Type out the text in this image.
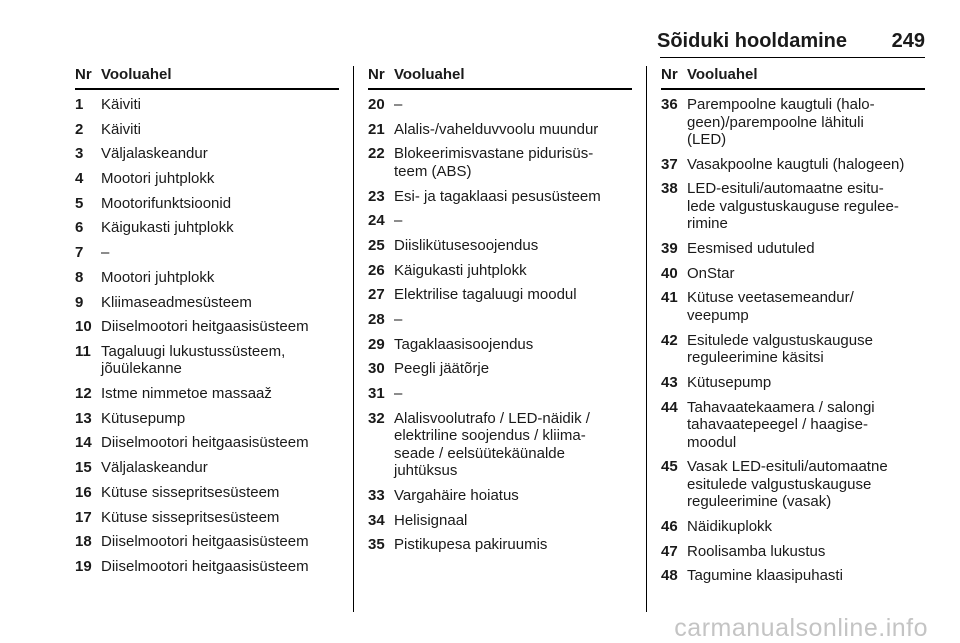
Sõiduki hooldamine 249
Nr Vooluahel
1	Käiviti
2	Käiviti
3	Väljalaskeandur
4	Mootori juhtplokk
5	Mootorifunktsioonid
6	Käigukasti juhtplokk
7	–
8	Mootori juhtplokk
9	Kliimaseadmesüsteem
10 Diiselmootori heitgaasisüsteem
11 Tagaluugi lukustussüsteem,
jõuülekanne
12 Istme nimmetoe massaaž
13 Kütusepump
14 Diiselmootori heitgaasisüsteem
15 Väljalaskeandur
16 Kütuse sissepritsesüsteem
17 Kütuse sissepritsesüsteem
18 Diiselmootori heitgaasisüsteem
19 Diiselmootori heitgaasisüsteem
Nr Vooluahel
20 –
21 Alalis-/vahelduvvoolu muundur
22 Blokeerimisvastane pidurisüs-
teem (ABS)
23 Esi- ja tagaklaasi pesusüsteem
24 –
25 Diislikütusesoojendus
26 Käigukasti juhtplokk
27 Elektrilise tagaluugi moodul
28 –
29 Tagaklaasisoojendus
30 Peegli jäätõrje
31 –
32 Alalisvoolutrafo / LED-näidik /
elektriline soojendus / kliima-
seade / eelsüütekäünalde
juhtüksus
33 Vargahäire hoiatus
34 Helisignaal
35 Pistikupesa pakiruumis
Nr Vooluahel
36 Parempoolne kaugtuli (halo-
geen)/parempoolne lähituli
(LED)
37 Vasakpoolne kaugtuli (halogeen)
38 LED-esituli/automaatne esitu-
lede valgustuskauguse regulee-
rimine
39 Eesmised udutuled
40 OnStar
41 Kütuse veetasemeandur/
veepump
42 Esitulede valgustuskauguse
reguleerimine käsitsi
43 Kütusepump
44 Tahavaatekaamera / salongi
tahavaatepeegel / haagise-
moodul
45 Vasak LED-esituli/automaatne
esitulede valgustuskauguse
reguleerimine (vasak)
46 Näidikuplokk
47 Roolisamba lukustus
48 Tagumine klaasipuhasti
carmanualsonline.info
